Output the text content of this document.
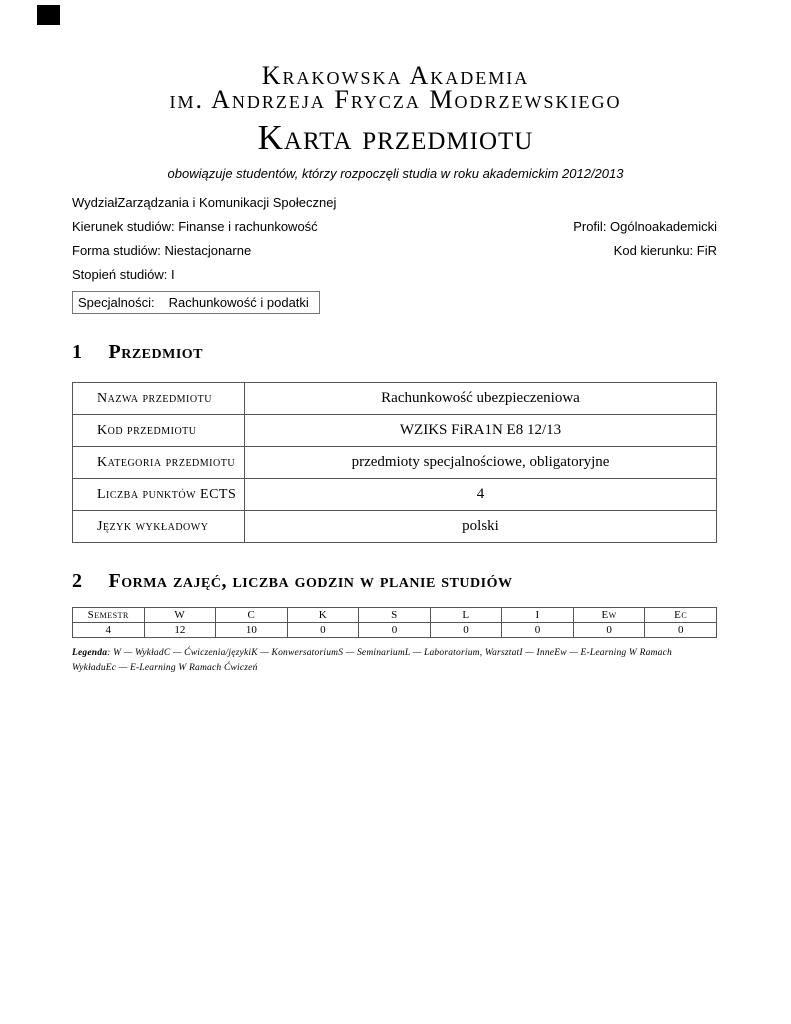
Krakowska Akademia
im. Andrzeja Frycza Modrzewskiego
Karta przedmiotu
obowiązuje studentów, którzy rozpoczęli studia w roku akademickim 2012/2013
WydziałZarządzania i Komunikacji Społecznej
Kierunek studiów: Finanse i rachunkowość	Profil: Ogólnoakademicki
Forma studiów: Niestacjonarne	Kod kierunku: FiR
Stopień studiów: I
Specjalności: Rachunkowość i podatki
1 Przedmiot
Nazwa przedmiotu	Rachunkowość ubezpieczeniowa
Kod przedmiotu	WZIKS FiRA1N E8 12/13
Kategoria przedmiotu	przedmioty specjalnościowe, obligatoryjne
Liczba punktów ECTS	4
Język wykładowy	polski
2 Forma zajęć, liczba godzin w planie studiów
Semestr	W	C	K	S	L	I	Ew	Ec
4	12	10	0	0	0	0	0	0

Legenda: W — WykładC — Ćwiczenia/językiK — KonwersatoriumS — SeminariumL — Laboratorium, WarsztatI — InneEw — E-Learning W Ramach WykładuEc — E-Learning W Ramach Ćwiczeń
